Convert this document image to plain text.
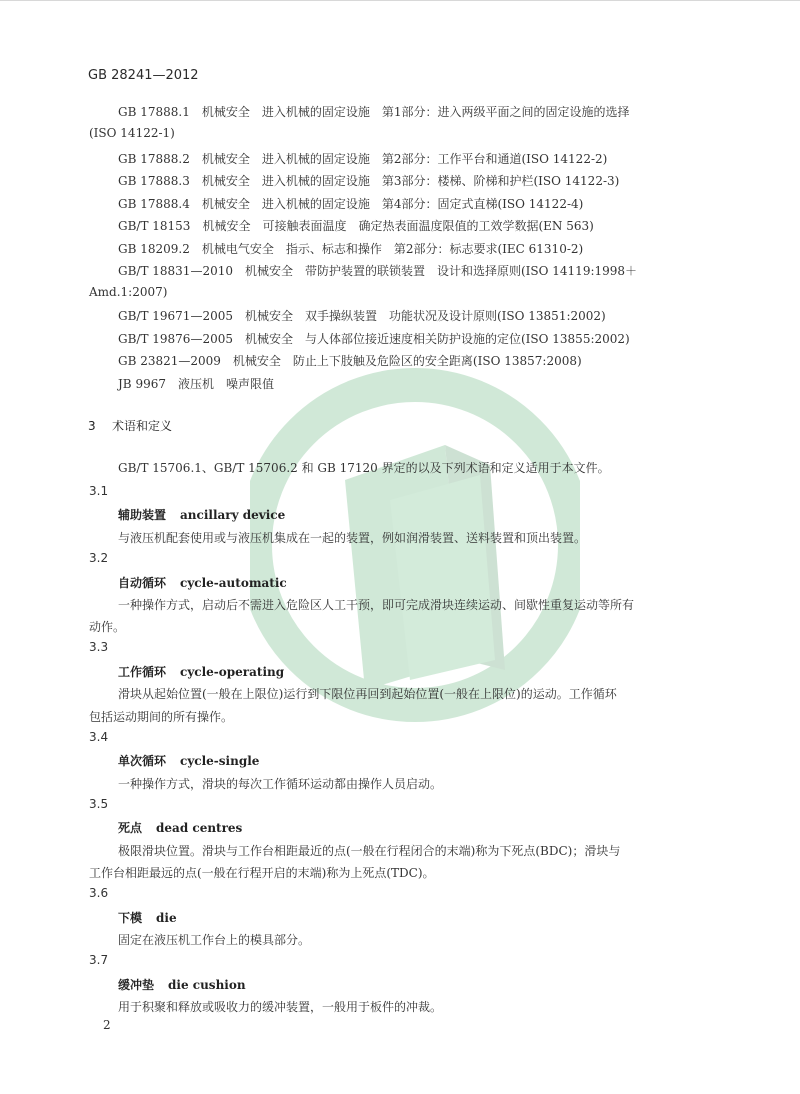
GB 28241—2012
GB 17888.1　机械安全　进入机械的固定设施　第1部分：进入两级平面之间的固定设施的选择
(ISO 14122-1)
GB 17888.2　机械安全　进入机械的固定设施　第2部分：工作平台和通道(ISO 14122-2)
GB 17888.3　机械安全　进入机械的固定设施　第3部分：楼梯、阶梯和护栏(ISO 14122-3)
GB 17888.4　机械安全　进入机械的固定设施　第4部分：固定式直梯(ISO 14122-4)
GB/T 18153　机械安全　可接触表面温度　确定热表面温度限值的工效学数据(EN 563)
GB 18209.2　机械电气安全　指示、标志和操作　第2部分：标志要求(IEC 61310-2)
GB/T 18831—2010　机械安全　带防护装置的联锁装置　设计和选择原则(ISO 14119:1998＋
Amd.1:2007)
GB/T 19671—2005　机械安全　双手操纵装置　功能状况及设计原则(ISO 13851:2002)
GB/T 19876—2005　机械安全　与人体部位接近速度相关防护设施的定位(ISO 13855:2002)
GB 23821—2009　机械安全　防止上下肢触及危险区的安全距离(ISO 13857:2008)
JB 9967　液压机　噪声限值
3 术语和定义
GB/T 15706.1、GB/T 15706.2 和 GB 17120 界定的以及下列术语和定义适用于本文件。
3.1
辅助装置 ancillary device
与液压机配套使用或与液压机集成在一起的装置，例如润滑装置、送料装置和顶出装置。
3.2
自动循环 cycle-automatic
一种操作方式，启动后不需进入危险区人工干预，即可完成滑块连续运动、间歇性重复运动等所有
动作。
3.3
工作循环 cycle-operating
滑块从起始位置(一般在上限位)运行到下限位再回到起始位置(一般在上限位)的运动。工作循环
包括运动期间的所有操作。
3.4
单次循环 cycle-single
一种操作方式，滑块的每次工作循环运动都由操作人员启动。
3.5
死点 dead centres
极限滑块位置。滑块与工作台相距最近的点(一般在行程闭合的末端)称为下死点(BDC)；滑块与
工作台相距最远的点(一般在行程开启的末端)称为上死点(TDC)。
3.6
下模 die
固定在液压机工作台上的模具部分。
3.7
缓冲垫 die cushion
用于积聚和释放或吸收力的缓冲装置，一般用于板件的冲裁。
2
